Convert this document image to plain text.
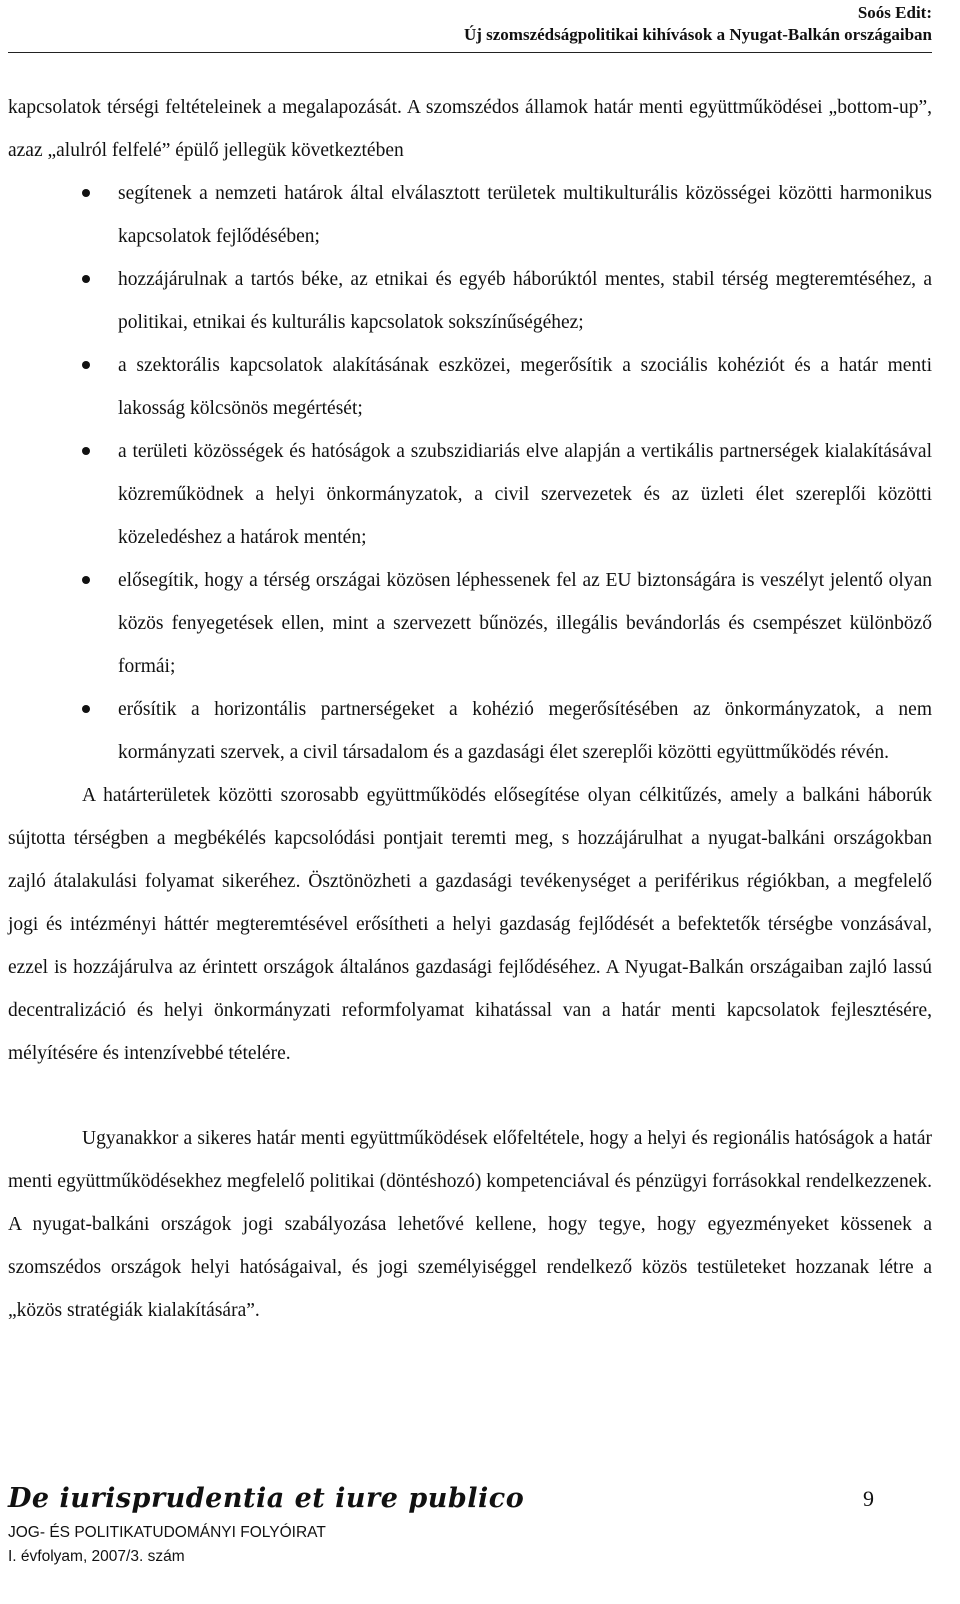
Soós Edit:
Új szomszédságpolitikai kihívások a Nyugat-Balkán országaiban

kapcsolatok térségi feltételeinek a megalapozását. A szomszédos államok határ menti együttműködései „bottom-up”, azaz „alulról felfelé” épülő jellegük következtében

segítenek a nemzeti határok által elválasztott területek multikulturális közösségei közötti harmonikus kapcsolatok fejlődésében;
hozzájárulnak a tartós béke, az etnikai és egyéb háborúktól mentes, stabil térség megteremtéséhez, a politikai, etnikai és kulturális kapcsolatok sokszínűségéhez;
a szektorális kapcsolatok alakításának eszközei, megerősítik a szociális kohéziót és a határ menti lakosság kölcsönös megértését;
a területi közösségek és hatóságok a szubszidiariás elve alapján a vertikális partnerségek kialakításával közreműködnek a helyi önkormányzatok, a civil szervezetek és az üzleti élet szereplői közötti közeledéshez a határok mentén;
elősegítik, hogy a térség országai közösen léphessenek fel az EU biztonságára is veszélyt jelentő olyan közös fenyegetések ellen, mint a szervezett bűnözés, illegális bevándorlás és csempészet különböző formái;
erősítik a horizontális partnerségeket a kohézió megerősítésében az önkormányzatok, a nem kormányzati szervek, a civil társadalom és a gazdasági élet szereplői közötti együttműködés révén.

A határterületek közötti szorosabb együttműködés elősegítése olyan célkitűzés, amely a balkáni háborúk sújtotta térségben a megbékélés kapcsolódási pontjait teremti meg, s hozzájárulhat a nyugat-balkáni országokban zajló átalakulási folyamat sikeréhez. Ösztönözheti a gazdasági tevékenységet a periférikus régiókban, a megfelelő jogi és intézményi háttér megteremtésével erősítheti a helyi gazdaság fejlődését a befektetők térségbe vonzásával, ezzel is hozzájárulva az érintett országok általános gazdasági fejlődéséhez. A Nyugat-Balkán országaiban zajló lassú decentralizáció és helyi önkormányzati reformfolyamat kihatással van a határ menti kapcsolatok fejlesztésére, mélyítésére és intenzívebbé tételére.

Ugyanakkor a sikeres határ menti együttműködések előfeltétele, hogy a helyi és regionális hatóságok a határ menti együttműködésekhez megfelelő politikai (döntéshozó) kompetenciával és pénzügyi forrásokkal rendelkezzenek. A nyugat-balkáni országok jogi szabályozása lehetővé kellene, hogy tegye, hogy egyezményeket kössenek a szomszédos országok helyi hatóságaival, és jogi személyiséggel rendelkező közös testületeket hozzanak létre a „közös stratégiák kialakítására”.

De iurisprudentia et iure publico	9
JOG- ÉS POLITIKATUDOMÁNYI FOLYÓIRAT
I. évfolyam, 2007/3. szám
